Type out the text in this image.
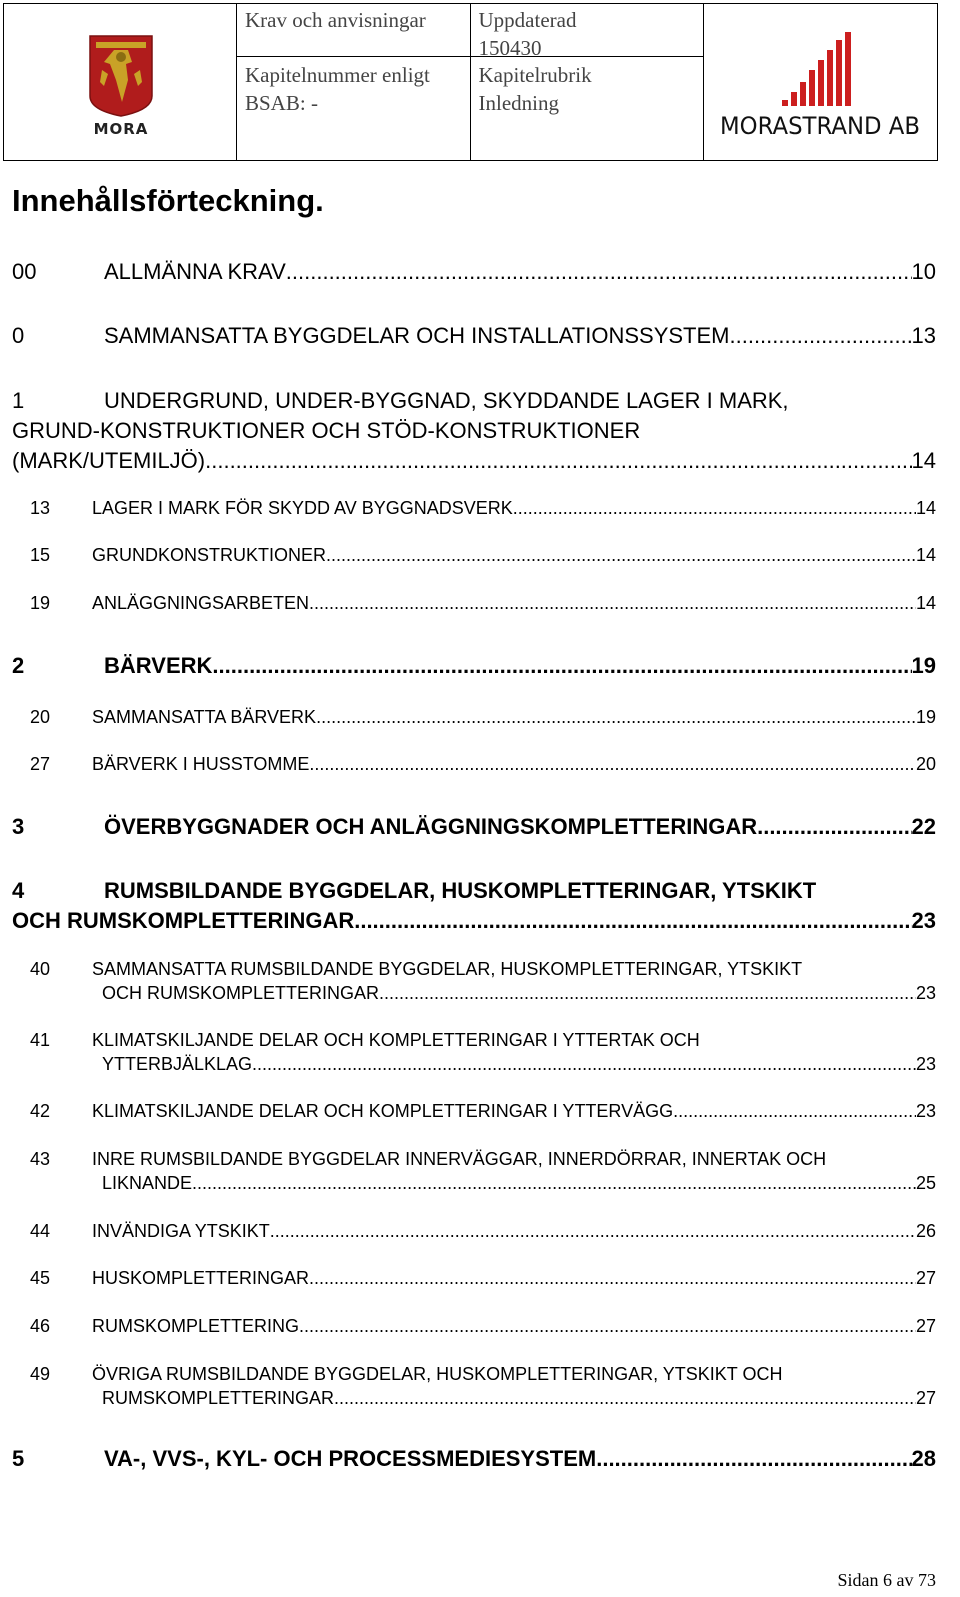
MORA
Krav och anvisningar
Kapitelnummer enligt
BSAB: -
Uppdaterad
150430
Kapitelrubrik
Inledning
MORASTRAND AB
Innehållsförteckning.
00	ALLMÄNNA KRAV .....	10
0	SAMMANSATTA BYGGDELAR OCH INSTALLATIONSSYSTEM. .....	13
1	UNDERGRUND, UNDER-BYGGNAD, SKYDDANDE LAGER I MARK,
GRUND-KONSTRUKTIONER OCH STÖD-KONSTRUKTIONER
(MARK/UTEMILJÖ) .....	14
13	LAGER I MARK FÖR SKYDD AV BYGGNADSVERK .....	14
15	GRUNDKONSTRUKTIONER .....	14
19	ANLÄGGNINGSARBETEN .....	14
2	BÄRVERK .....	19
20	SAMMANSATTA BÄRVERK .....	19
27	BÄRVERK I HUSSTOMME .....	20
3	ÖVERBYGGNADER OCH ANLÄGGNINGSKOMPLETTERINGAR .....	22
4	RUMSBILDANDE BYGGDELAR, HUSKOMPLETTERINGAR, YTSKIKT
OCH RUMSKOMPLETTERINGAR. .....	23
40	SAMMANSATTA RUMSBILDANDE BYGGDELAR, HUSKOMPLETTERINGAR, YTSKIKT
OCH RUMSKOMPLETTERINGAR .....	23
41	KLIMATSKILJANDE DELAR OCH KOMPLETTERINGAR I YTTERTAK OCH
YTTERBJÄLKLAG .....	23
42	KLIMATSKILJANDE DELAR OCH KOMPLETTERINGAR I YTTERVÄGG .....	23
43	INRE RUMSBILDANDE BYGGDELAR INNERVÄGGAR, INNERDÖRRAR, INNERTAK OCH
LIKNANDE. .....	25
44	INVÄNDIGA YTSKIKT .....	26
45	HUSKOMPLETTERINGAR .....	27
46	RUMSKOMPLETTERING .....	27
49	ÖVRIGA RUMSBILDANDE BYGGDELAR, HUSKOMPLETTERINGAR, YTSKIKT OCH
RUMSKOMPLETTERINGAR .....	27
5	VA-, VVS-, KYL- OCH PROCESSMEDIESYSTEM .....	28
Sidan 6 av 73
